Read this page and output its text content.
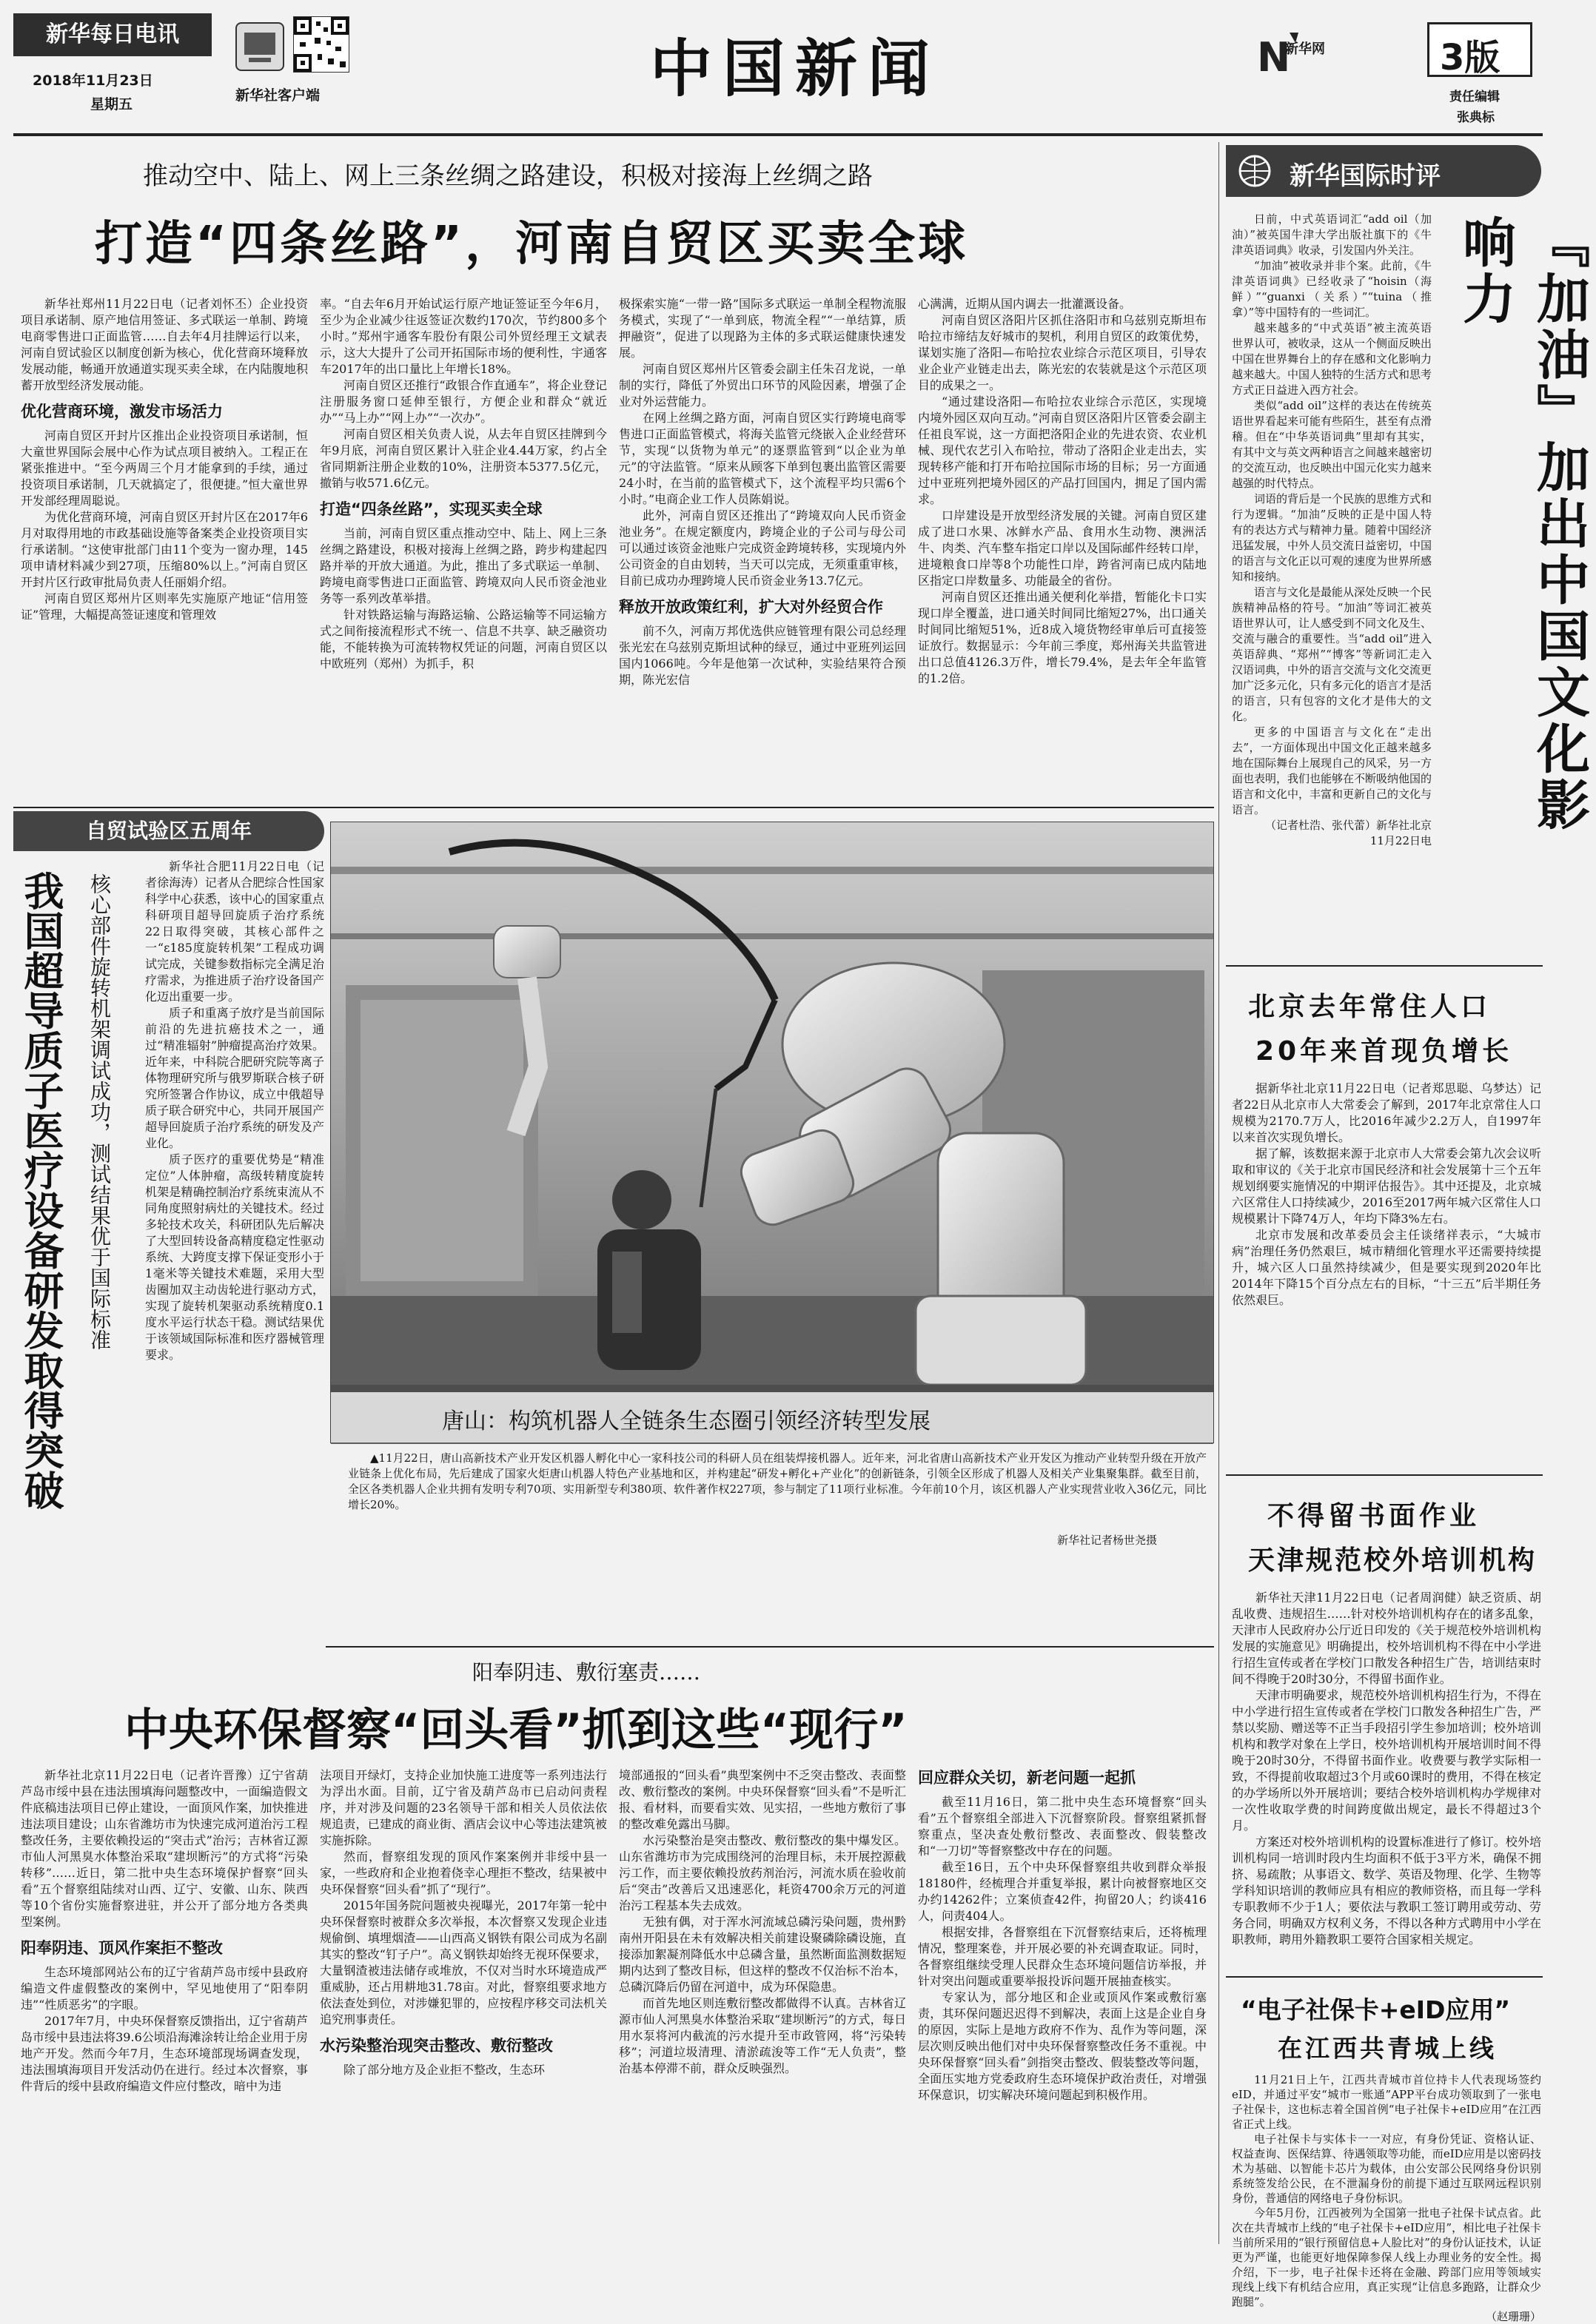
新华每日电讯
2018年11月23日
星期五
新华社客户端	中国新闻	N
新华网	3版
责任编辑
张典标
推动空中、陆上、网上三条丝绸之路建设，积极对接海上丝绸之路
打造“四条丝路”，河南自贸区买卖全球

新华社郑州11月22日电（记者刘怀丕）企业投资项目承诺制、原产地信用签证、多式联运一单制、跨境电商零售进口正面监管……自去年4月挂牌运行以来，河南自贸试验区以制度创新为核心，优化营商环境释放发展动能，畅通开放通道实现买卖全球，在内陆腹地积蓄开放型经济发展动能。

优化营商环境，激发市场活力

河南自贸区开封片区推出企业投资项目承诺制，恒大童世界国际会展中心作为试点项目被纳入。工程正在紧张推进中。“至今两周三个月才能拿到的手续，通过投资项目承诺制，几天就搞定了，很便捷。”恒大童世界开发部经理周聪说。

为优化营商环境，河南自贸区开封片区在2017年6月对取得用地的市政基础设施等备案类企业投资项目实行承诺制。“这使审批部门由11个变为一窗办理，145项申请材料减少到27项，压缩80%以上。”河南自贸区开封片区行政审批局负责人任丽娟介绍。

河南自贸区郑州片区则率先实施原产地证“信用签证”管理，大幅提高签证速度和管理效

率。“自去年6月开始试运行原产地证签证至今年6月，至少为企业减少往返签证次数约170次，节约800多个小时。”郑州宇通客车股份有限公司外贸经理王文斌表示，这大大提升了公司开拓国际市场的便利性，宇通客车2017年的出口量比上年增长18%。

河南自贸区还推行“政银合作直通车”，将企业登记注册服务窗口延伸至银行，方便企业和群众“就近办”“马上办”“网上办”“一次办”。

河南自贸区相关负责人说，从去年自贸区挂牌到今年9月底，河南自贸区累计入驻企业4.44万家，约占全省同期新注册企业数的10%，注册资本5377.5亿元，撤销与收571.6亿元。

打造“四条丝路”，实现买卖全球

当前，河南自贸区重点推动空中、陆上、网上三条丝绸之路建设，积极对接海上丝绸之路，跨步构建起四路并举的开放大通道。为此，推出了多式联运一单制、跨境电商零售进口正面监管、跨境双向人民币资金池业务等一系列改革举措。

针对铁路运输与海路运输、公路运输等不同运输方式之间衔接流程形式不统一、信息不共享、缺乏融资功能，不能转换为可流转物权凭证的问题，河南自贸区以中欧班列（郑州）为抓手，积

极探索实施“一带一路”国际多式联运一单制全程物流服务模式，实现了“一单到底，物流全程”“一单结算，质押融资”，促进了以现路为主体的多式联运健康快速发展。

河南自贸区郑州片区管委会副主任朱召龙说，一单制的实行，降低了外贸出口环节的风险因素，增强了企业对外运营能力。

在网上丝绸之路方面，河南自贸区实行跨境电商零售进口正面监管模式，将海关监管元绕嵌入企业经营环节，实现“以货物为单元”的逐票监管到“以企业为单元”的守法监管。“原来从顾客下单到包裹出监管区需要24小时，在当前的监管模式下，这个流程平均只需6个小时。”电商企业工作人员陈娟说。

此外，河南自贸区还推出了“跨境双向人民币资金池业务”。在规定额度内，跨境企业的子公司与母公司可以通过该资金池账户完成资金跨境转移，实现境内外公司资金的自由划转，当天可以完成，无须重重审核，目前已成功办理跨境人民币资金业务13.7亿元。

释放开放政策红利，扩大对外经贸合作

前不久，河南万邦优选供应链管理有限公司总经理张光宏在乌兹别克斯坦试种的绿豆，通过中亚班列运回国内1066吨。今年是他第一次试种，实验结果符合预期，陈光宏信

心满满，近期从国内调去一批灌溉设备。

河南自贸区洛阳片区抓住洛阳市和乌兹别克斯坦布哈拉市缔结友好城市的契机，利用自贸区的政策优势，谋划实施了洛阳—布哈拉农业综合示范区项目，引导农业企业产业链走出去，陈光宏的农装就是这个示范区项目的成果之一。

“通过建设洛阳—布哈拉农业综合示范区，实现境内境外园区双向互动。”河南自贸区洛阳片区管委会副主任祖良军说，这一方面把洛阳企业的先进农资、农业机械、现代农艺引入布哈拉，带动了洛阳企业走出去，实现转移产能和打开布哈拉国际市场的目标；另一方面通过中亚班列把境外园区的产品打回国内，拥足了国内需求。

口岸建设是开放型经济发展的关键。河南自贸区建成了进口水果、冰鲜水产品、食用水生动物、澳洲活牛、肉类、汽车整车指定口岸以及国际邮件经转口岸，进境粮食口岸等8个功能性口岸，跨省河南已成内陆地区指定口岸数量多、功能最全的省份。

河南自贸区还推出通关便利化举措，暂能化卡口实现口岸全覆盖，进口通关时间同比缩短27%，出口通关时间同比缩短51%，近8成入境货物经审单后可直接签证放行。数据显示：今年前三季度，郑州海关共监管进出口总值4126.3万件，增长79.4%，是去年全年监管的1.2倍。

新华国际时评

日前，中式英语词汇“add oil（加油）”被英国牛津大学出版社旗下的《牛津英语词典》收录，引发国内外关注。

“加油”被收录并非个案。此前，《牛津英语词典》已经收录了“hoisin（海鲜）”“guanxi（关系）”“tuina（推拿）”等中国特有的一些词汇。

越来越多的“中式英语”被主流英语世界认可，被收录，这从一个侧面反映出中国在世界舞台上的存在感和文化影响力越来越大。中国人独特的生活方式和思考方式正日益进入西方社会。

类似“add oil”这样的表达在传统英语世界看起来可能有些陌生，甚至有点滑稽。但在“中华英语词典”里却有其实，有其中文与英文两种语言之间越来越密切的交流互动，也反映出中国元化实力越来越强的时代特点。

词语的背后是一个民族的思维方式和行为逻辑。“加油”反映的正是中国人特有的表达方式与精神力量。随着中国经济迅猛发展，中外人员交流日益密切，中国的语言与文化正以可观的速度为世界所感知和接纳。

语言与文化是最能从深处反映一个民族精神品格的符号。“加油”等词汇被英语世界认可，让人感受到不同文化及生、交流与融合的重要性。当“add oil”进入英语辞典、“郑州”“博客”等新词汇走入汉语词典，中外的语言交流与文化交流更加广泛多元化，只有多元化的语言才是活的语言，只有包容的文化才是伟大的文化。

更多的中国语言与文化在“走出去”，一方面体现出中国文化正越来越多地在国际舞台上展现自己的风采，另一方面也表明，我们也能够在不断吸纳他国的语言和文化中，丰富和更新自己的文化与语言。

（记者杜浩、张代蕾）新华社北京11月22日电

『加油』加出中国文化影响力
北京去年常住人口
20年来首现负增长

据新华社北京11月22日电（记者郑思聪、乌梦达）记者22日从北京市人大常委会了解到，2017年北京常住人口规模为2170.7万人，比2016年减少2.2万人，自1997年以来首次实现负增长。

据了解，该数据来源于北京市人大常委会第九次会议听取和审议的《关于北京市国民经济和社会发展第十三个五年规划纲要实施情况的中期评估报告》。其中还提及，北京城六区常住人口持续减少，2016至2017两年城六区常住人口规模累计下降74万人，年均下降3%左右。

北京市发展和改革委员会主任谈绪祥表示，“大城市病”治理任务仍然艰巨，城市精细化管理水平还需要持续提升，城六区人口虽然持续减少，但是要实现到2020年比2014年下降15个百分点左右的目标，“十三五”后半期任务依然艰巨。

不得留书面作业
天津规范校外培训机构

新华社天津11月22日电（记者周润健）缺乏资质、胡乱收费、违规招生……针对校外培训机构存在的诸多乱象，天津市人民政府办公厅近日印发的《关于规范校外培训机构发展的实施意见》明确提出，校外培训机构不得在中小学进行招生宣传或者在学校门口散发各种招生广告，培训结束时间不得晚于20时30分，不得留书面作业。

天津市明确要求，规范校外培训机构招生行为，不得在中小学进行招生宣传或者在学校门口散发各种招生广告，严禁以奖励、赠送等不正当手段招引学生参加培训；校外培训机构和教学对象在上学日，校外培训机构开展培训时间不得晚于20时30分，不得留书面作业。收费要与教学实际相一致，不得提前收取超过3个月或60课时的费用，不得在核定的办学场所以外开展培训；要结合校外培训机构办学规律对一次性收取学费的时间跨度做出规定，最长不得超过3个月。

方案还对校外培训机构的设置标准进行了修订。校外培训机构同一培训时段内生均面积不低于3平方米，确保不拥挤、易疏散；从事语文、数学、英语及物理、化学、生物等学科知识培训的教师应具有相应的教师资格，而且每一学科专职教师不少于1人；要依法与教职工签订聘用或劳动、劳务合同，明确双方权利义务，不得以各种方式聘用中小学在职教师，聘用外籍教职工要符合国家相关规定。

“电子社保卡+eID应用”
在江西共青城上线

11月21日上午，江西共青城市首位持卡人代表现场签约eID，并通过平安“城市一账通”APP平台成功领取到了一张电子社保卡，这也标志着全国首例“电子社保卡+eID应用”在江西省正式上线。

电子社保卡与实体卡一一对应，有身份凭证、资格认证、权益查询、医保结算、待遇领取等功能，而eID应用是以密码技术为基础、以智能卡芯片为载体，由公安部公民网络身份识别系统签发给公民，在不泄漏身份的前提下通过互联网远程识别身份，普通信的网络电子身份标识。

今年5月份，江西被列为全国第一批电子社保卡试点省。此次在共青城市上线的“电子社保卡+eID应用”，相比电子社保卡当前所采用的“银行预留信息+人脸比对”的身份认证技术，认证更为严谨，也能更好地保障参保人线上办理业务的安全性。揭介绍，下一步，电子社保卡还将在金融、跨部门应用等领域实现线上线下有机结合应用，真正实现“让信息多跑路，让群众少跑腿”。

（赵珊珊）

自贸试验区五周年
我国超导质子医疗设备研发取得突破 核心部件旋转机架调试成功，测试结果优于国际标准

新华社合肥11月22日电（记者徐海涛）记者从合肥综合性国家科学中心获悉，该中心的国家重点科研项目超导回旋质子治疗系统22日取得突破，其核心部件之一“ε185度旋转机架”工程成功调试完成，关键参数指标完全满足治疗需求，为推进质子治疗设备国产化迈出重要一步。

质子和重离子放疗是当前国际前沿的先进抗癌技术之一，通过“精准辐射”肿瘤提高治疗效果。近年来，中科院合肥研究院等离子体物理研究所与俄罗斯联合核子研究所签署合作协议，成立中俄超导质子联合研究中心，共同开展国产超导回旋质子治疗系统的研发及产业化。

质子医疗的重要优势是“精准定位”人体肿瘤，高级转精度旋转机架是精确控制治疗系统束流从不同角度照射病灶的关键技术。经过多轮技术攻关，科研团队先后解决了大型回转设备高精度稳定性驱动系统、大跨度支撑下保证变形小于1毫米等关键技术难题，采用大型齿圈加双主动齿轮进行驱动方式，实现了旋转机架驱动系统精度0.1度水平运行状态干稳。测试结果优于该领域国际标准和医疗器械管理要求。

唐山：构筑机器人全链条生态圈引领经济转型发展

▲11月22日，唐山高新技术产业开发区机器人孵化中心一家科技公司的科研人员在组装焊接机器人。近年来，河北省唐山高新技术产业开发区为推动产业转型升级在开放产业链条上优化布局，先后建成了国家火炬唐山机器人特色产业基地和区，并构建起“研发+孵化+产业化”的创新链条，引领全区形成了机器人及相关产业集聚集群。截至目前，全区各类机器人企业共拥有发明专利70项、实用新型专利380项、软件著作权227项，参与制定了11项行业标准。今年前10个月，该区机器人产业实现营业收入36亿元，同比增长20%。

新华社记者杨世尧摄
阳奉阴违、敷衍塞责……
中央环保督察“回头看”抓到这些“现行”

新华社北京11月22日电（记者许晋豫）辽宁省葫芦岛市绥中县在违法围填海问题整改中，一面编造假文件底稿违法项目已停止建设，一面顶风作案，加快推进违法项目建设；山东省潍坊市为快速完成河道治污工程整改任务，主要依赖投运的“突击式”治污；吉林省辽源市仙人河黑臭水体整治采取“建坝断污”的方式将“污染转移”……近日，第二批中央生态环境保护督察“回头看”五个督察组陆续对山西、辽宁、安徽、山东、陕西等10个省份实施督察进驻，并公开了部分地方各类典型案例。

阳奉阴违、顶风作案拒不整改

生态环境部网站公布的辽宁省葫芦岛市绥中县政府编造文件虚假整改的案例中，罕见地使用了“阳奉阴违”“性质恶劣”的字眼。

2017年7月，中央环保督察反馈指出，辽宁省葫芦岛市绥中县违法将39.6公顷沿海滩涂转让给企业用于房地产开发。然而今年7月，生态环境部现场调查发现，违法围填海项目开发活动仍在进行。经过本次督察，事件背后的绥中县政府编造文件应付整改，暗中为违

法项目开绿灯，支持企业加快施工进度等一系列违法行为浮出水面。目前，辽宁省及葫芦岛市已启动问责程序，并对涉及问题的23名领导干部和相关人员依法依规追责，已建成的商业街、酒店会议中心等违法建筑被实施拆除。

然而，督察组发现的顶风作案案例并非绥中县一家，一些政府和企业抱着侥幸心理拒不整改，结果被中央环保督察“回头看”抓了“现行”。

2015年国务院问题被央视曝光，2017年第一轮中央环保督察时被群众多次举报，本次督察又发现企业违规偷倒、填埋烟渣——山西高义钢铁有限公司成为名副其实的整改“钉子户”。高义钢铁却始终无视环保要求，大量钢渣被违法储存或堆放，不仅对当时水环境造成严重威胁，还占用耕地31.78亩。对此，督察组要求地方依法查处到位，对涉嫌犯罪的，应按程序移交司法机关追究刑事责任。

水污染整治现突击整改、敷衍整改

除了部分地方及企业拒不整改，生态环

境部通报的“回头看”典型案例中不乏突击整改、表面整改、敷衍整改的案例。中央环保督察“回头看”不是听汇报、看材料，而要看实效、见实招，一些地方敷衍了事的整改难免露出马脚。

水污染整治是突击整改、敷衍整改的集中爆发区。山东省潍坊市为完成围绕河的治理目标，未开展控源截污工作，而主要依赖投放药剂治污，河流水质在验收前后“突击”改善后又迅速恶化，耗资4700余万元的河道治污工程基本失去成效。

无独有偶，对于浑水河流域总磷污染问题，贵州黔南州开阳县在未有效解决相关前建设聚磷除磷设施，直接添加絮凝剂降低水中总磷含量，虽然断面监测数据短期内达到了整改目标，但这样的整改不仅治标不治本，总磷沉降后仍留在河道中，成为环保隐患。

而首先地区则连敷衍整改都做得不认真。吉林省辽源市仙人河黑臭水体整治采取“建坝断污”的方式，每日用水泵将河内截流的污水提升至市政管网，将“污染转移”；河道垃圾清理、清淤疏浚等工作“无人负责”，整治基本停滞不前，群众反映强烈。

回应群众关切，新老问题一起抓

截至11月16日，第二批中央生态环境督察“回头看”五个督察组全部进入下沉督察阶段。督察组紧抓督察重点，坚决查处敷衍整改、表面整改、假装整改和“一刀切”等督察整改中存在的问题。

截至16日，五个中央环保督察组共收到群众举报18180件，经梳理合并重复举报，累计向被督察地区交办约14262件；立案侦查42件，拘留20人；约谈416人，问责404人。

根据安排，各督察组在下沉督察结束后，还将梳理情况，整理案卷，并开展必要的补充调查取证。同时，各督察组继续受理人民群众生态环境问题信访举报，并针对突出问题或重要举报投诉问题开展抽查核实。

专家认为，部分地区和企业或顶风作案或敷衍塞责，其环保问题迟迟得不到解决，表面上这是企业自身的原因，实际上是地方政府不作为、乱作为等问题，深层次则反映出他们对中央环保督察整改任务不重视。中央环保督察“回头看”剑指突击整改、假装整改等问题，全面压实地方党委政府生态环境保护政治责任，对增强环保意识，切实解决环境问题起到积极作用。
